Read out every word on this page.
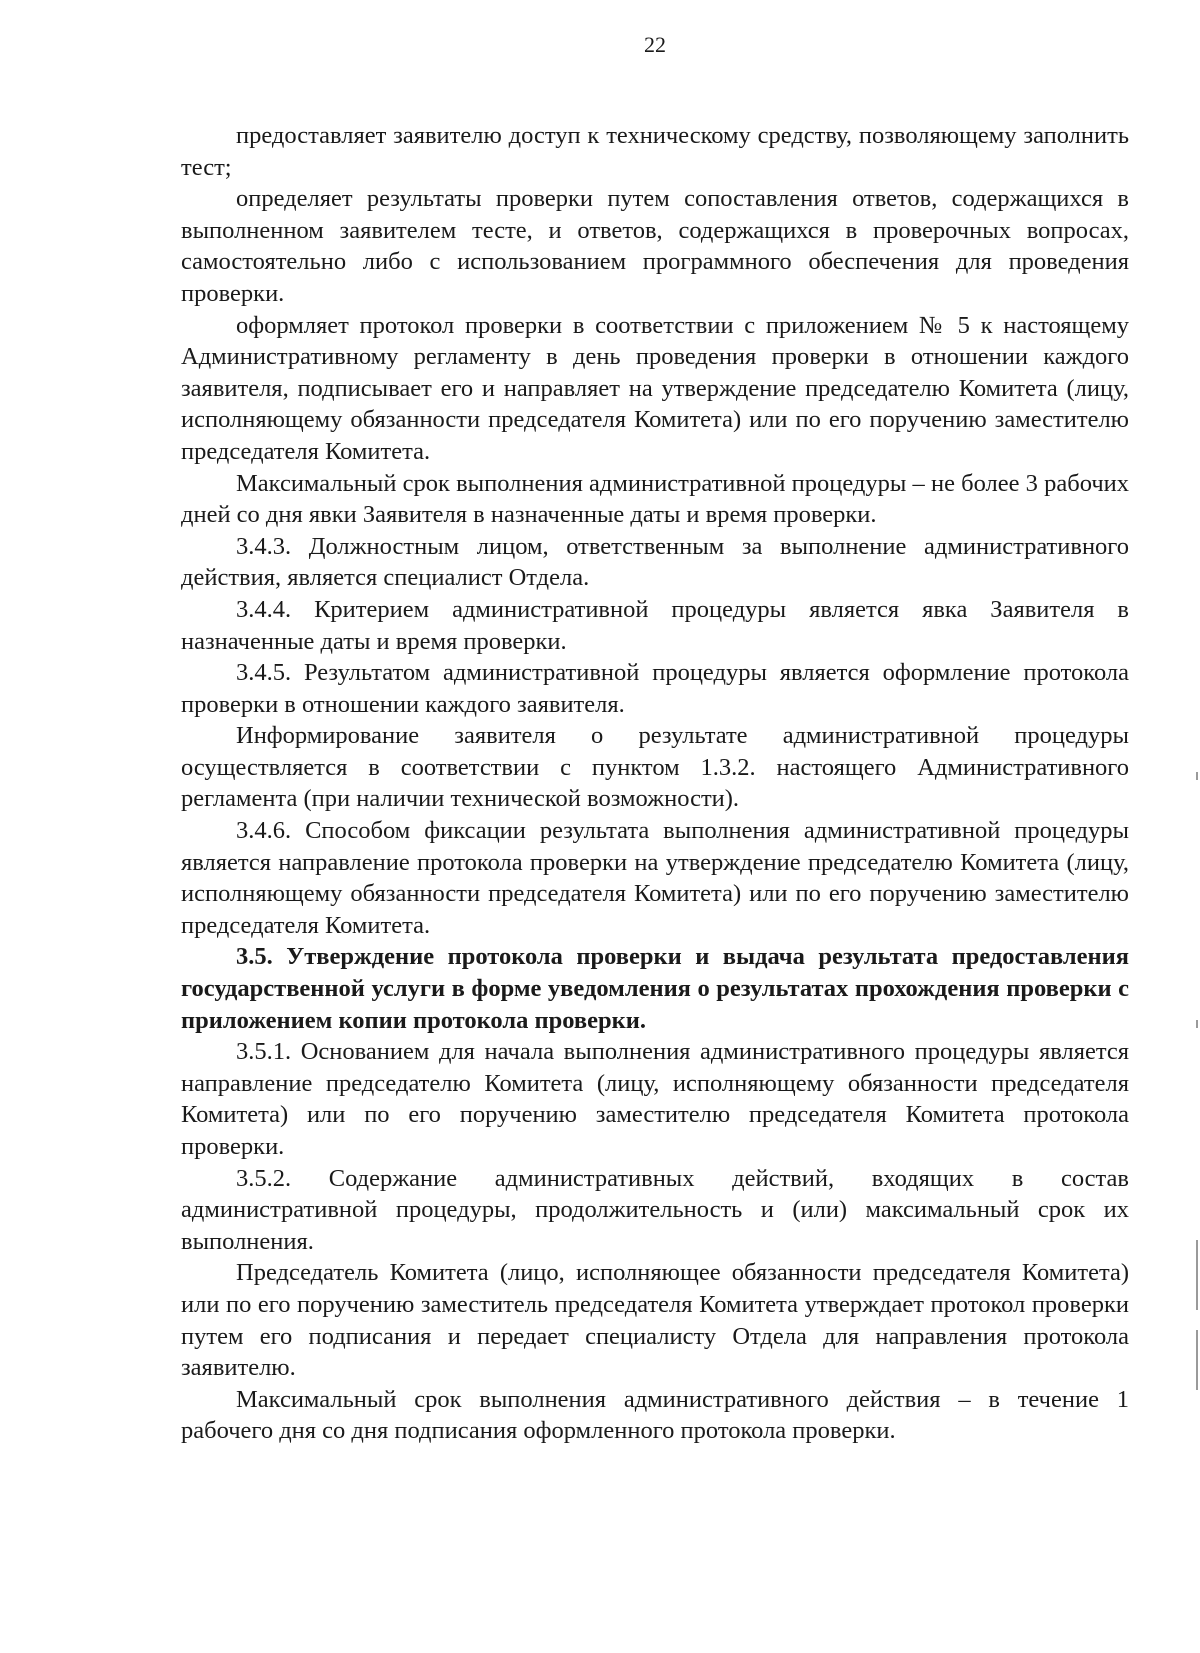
22

предоставляет заявителю доступ к техническому средству, позволяющему заполнить тест;

определяет результаты проверки путем сопоставления ответов, содержащихся в выполненном заявителем тесте, и ответов, содержащихся в проверочных вопросах, самостоятельно либо с использованием программного обеспечения для проведения проверки.

оформляет протокол проверки в соответствии с приложением № 5 к настоящему Административному регламенту в день проведения проверки в отношении каждого заявителя, подписывает его и направляет на утверждение председателю Комитета (лицу, исполняющему обязанности председателя Комитета) или по его поручению заместителю председателя Комитета.

Максимальный срок выполнения административной процедуры – не более 3 рабочих дней со дня явки Заявителя в назначенные даты и время проверки.

3.4.3. Должностным лицом, ответственным за выполнение административного действия, является специалист Отдела.

3.4.4. Критерием административной процедуры является явка Заявителя в назначенные даты и время проверки.

3.4.5. Результатом административной процедуры является оформление протокола проверки в отношении каждого заявителя.

Информирование заявителя о результате административной процедуры осуществляется в соответствии с пунктом 1.3.2. настоящего Административного регламента (при наличии технической возможности).

3.4.6. Способом фиксации результата выполнения административной процедуры является направление протокола проверки на утверждение председателю Комитета (лицу, исполняющему обязанности председателя Комитета) или по его поручению заместителю председателя Комитета.

3.5. Утверждение протокола проверки и выдача результата предоставления государственной услуги в форме уведомления о результатах прохождения проверки с приложением копии протокола проверки.

3.5.1. Основанием для начала выполнения административного процедуры является направление председателю Комитета (лицу, исполняющему обязанности председателя Комитета) или по его поручению заместителю председателя Комитета протокола проверки.

3.5.2. Содержание административных действий, входящих в состав административной процедуры, продолжительность и (или) максимальный срок их выполнения.

Председатель Комитета (лицо, исполняющее обязанности председателя Комитета) или по его поручению заместитель председателя Комитета утверждает протокол проверки путем его подписания и передает специалисту Отдела для направления протокола заявителю.

Максимальный срок выполнения административного действия – в течение 1 рабочего дня со дня подписания оформленного протокола проверки.
